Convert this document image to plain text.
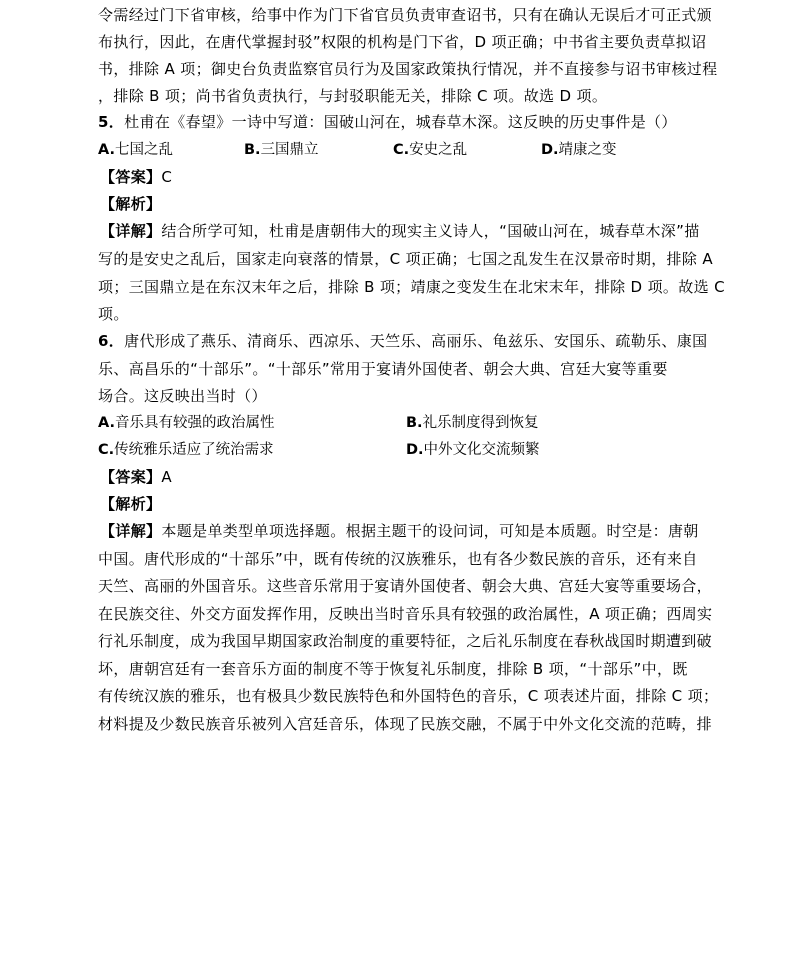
令需经过门下省审核，给事中作为门下省官员负责审查诏书，只有在确认无误后才可正式颁
布执行，因此，在唐代掌握封驳”权限的机构是门下省，D 项正确；中书省主要负责草拟诏
书，排除 A 项；御史台负责监察官员行为及国家政策执行情况，并不直接参与诏书审核过程
，排除 B 项；尚书省负责执行，与封驳职能无关，排除 C 项。故选 D 项。
5．杜甫在《春望》一诗中写道：国破山河在，城春草木深。这反映的历史事件是（）
A.七国之乱	B.三国鼎立	C.安史之乱	D.靖康之变
【答案】C
【解析】
【详解】结合所学可知，杜甫是唐朝伟大的现实主义诗人，“国破山河在，城春草木深”描
写的是安史之乱后，国家走向衰落的情景，C 项正确；七国之乱发生在汉景帝时期，排除 A
项；三国鼎立是在东汉末年之后，排除 B 项；靖康之变发生在北宋末年，排除 D 项。故选 C
项。
6．唐代形成了燕乐、清商乐、西凉乐、天竺乐、高丽乐、龟兹乐、安国乐、疏勒乐、康国
乐、高昌乐的“十部乐”。“十部乐”常用于宴请外国使者、朝会大典、宫廷大宴等重要
场合。这反映出当时（）
A.音乐具有较强的政治属性	B.礼乐制度得到恢复
C.传统雅乐适应了统治需求	D.中外文化交流频繁
【答案】A
【解析】
【详解】本题是单类型单项选择题。根据主题干的设问词，可知是本质题。时空是：唐朝
中国。唐代形成的“十部乐”中，既有传统的汉族雅乐，也有各少数民族的音乐，还有来自
天竺、高丽的外国音乐。这些音乐常用于宴请外国使者、朝会大典、宫廷大宴等重要场合，
在民族交往、外交方面发挥作用，反映出当时音乐具有较强的政治属性，A 项正确；西周实
行礼乐制度，成为我国早期国家政治制度的重要特征，之后礼乐制度在春秋战国时期遭到破
坏，唐朝宫廷有一套音乐方面的制度不等于恢复礼乐制度，排除 B 项，“十部乐”中，既
有传统汉族的雅乐，也有极具少数民族特色和外国特色的音乐，C 项表述片面，排除 C 项；
材料提及少数民族音乐被列入宫廷音乐，体现了民族交融，不属于中外文化交流的范畴，排
